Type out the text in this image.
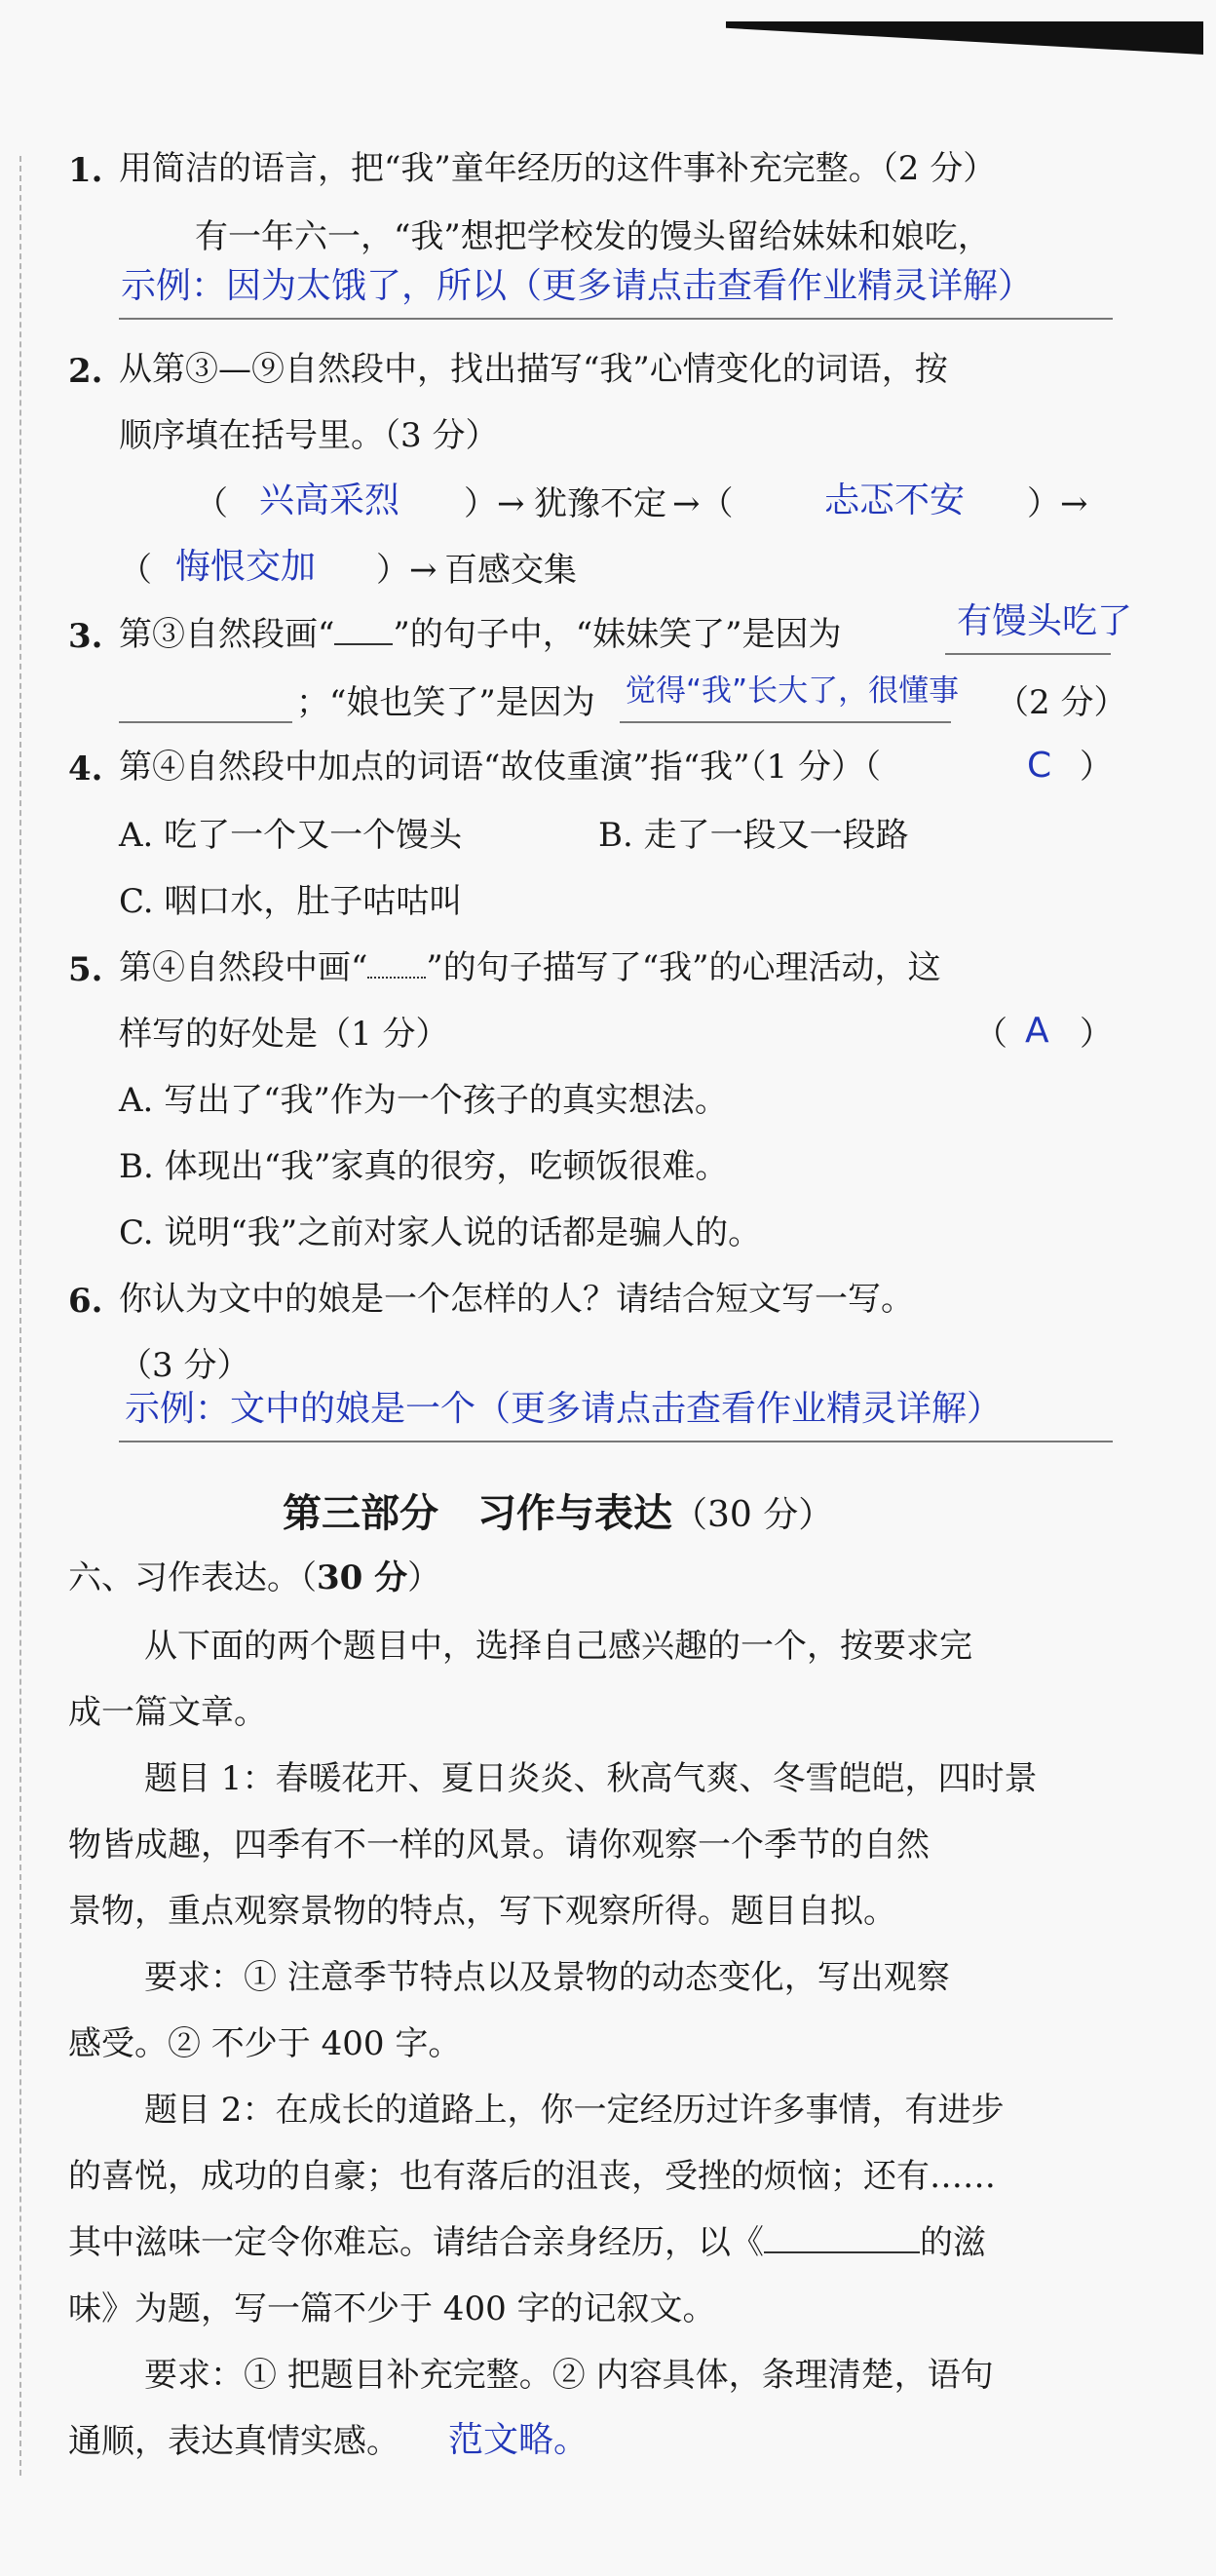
1. 用简洁的语言，把“我”童年经历的这件事补充完整。（2 分）
有一年六一，“我”想把学校发的馒头留给妹妹和娘吃，
示例：因为太饿了，所以（更多请点击查看作业精灵详解）
2. 从第③—⑨自然段中，找出描写“我”心情变化的词语，按
顺序填在括号里。（3 分）
（ 兴高采烈 ）→ 犹豫不定 →（	忐忑不安 ）→
（ 悔恨交加 ）→ 百感交集
3. 第③自然段画“ ”的句子中，“妹妹笑了”是因为	有馒头吃了
；“娘也笑了”是因为 觉得“我”长大了，很懂事 （2 分）
4. 第④自然段中加点的词语“故伎重演”指“我”（1 分）（	C ）
A. 吃了一个又一个馒头	B. 走了一段又一段路
C. 咽口水，肚子咕咕叫
5. 第④自然段中画“ ”的句子描写了“我”的心理活动，这
样写的好处是（1 分）	（ A ）
A. 写出了“我”作为一个孩子的真实想法。
B. 体现出“我”家真的很穷，吃顿饭很难。
C. 说明“我”之前对家人说的话都是骗人的。
6. 你认为文中的娘是一个怎样的人？请结合短文写一写。
（3 分）
示例：文中的娘是一个（更多请点击查看作业精灵详解）
第三部分　习作与表达（30 分）
六、习作表达。（30 分）
从下面的两个题目中，选择自己感兴趣的一个，按要求完
成一篇文章。
题目 1：春暖花开、夏日炎炎、秋高气爽、冬雪皑皑，四时景
物皆成趣，四季有不一样的风景。请你观察一个季节的自然
景物，重点观察景物的特点，写下观察所得。题目自拟。
要求：① 注意季节特点以及景物的动态变化，写出观察
感受。② 不少于 400 字。
题目 2：在成长的道路上，你一定经历过许多事情，有进步
的喜悦，成功的自豪；也有落后的沮丧，受挫的烦恼；还有……
其中滋味一定令你难忘。请结合亲身经历，以《	的滋
味》为题，写一篇不少于 400 字的记叙文。
要求：① 把题目补充完整。② 内容具体，条理清楚，语句
通顺，表达真情实感。 范文略。
